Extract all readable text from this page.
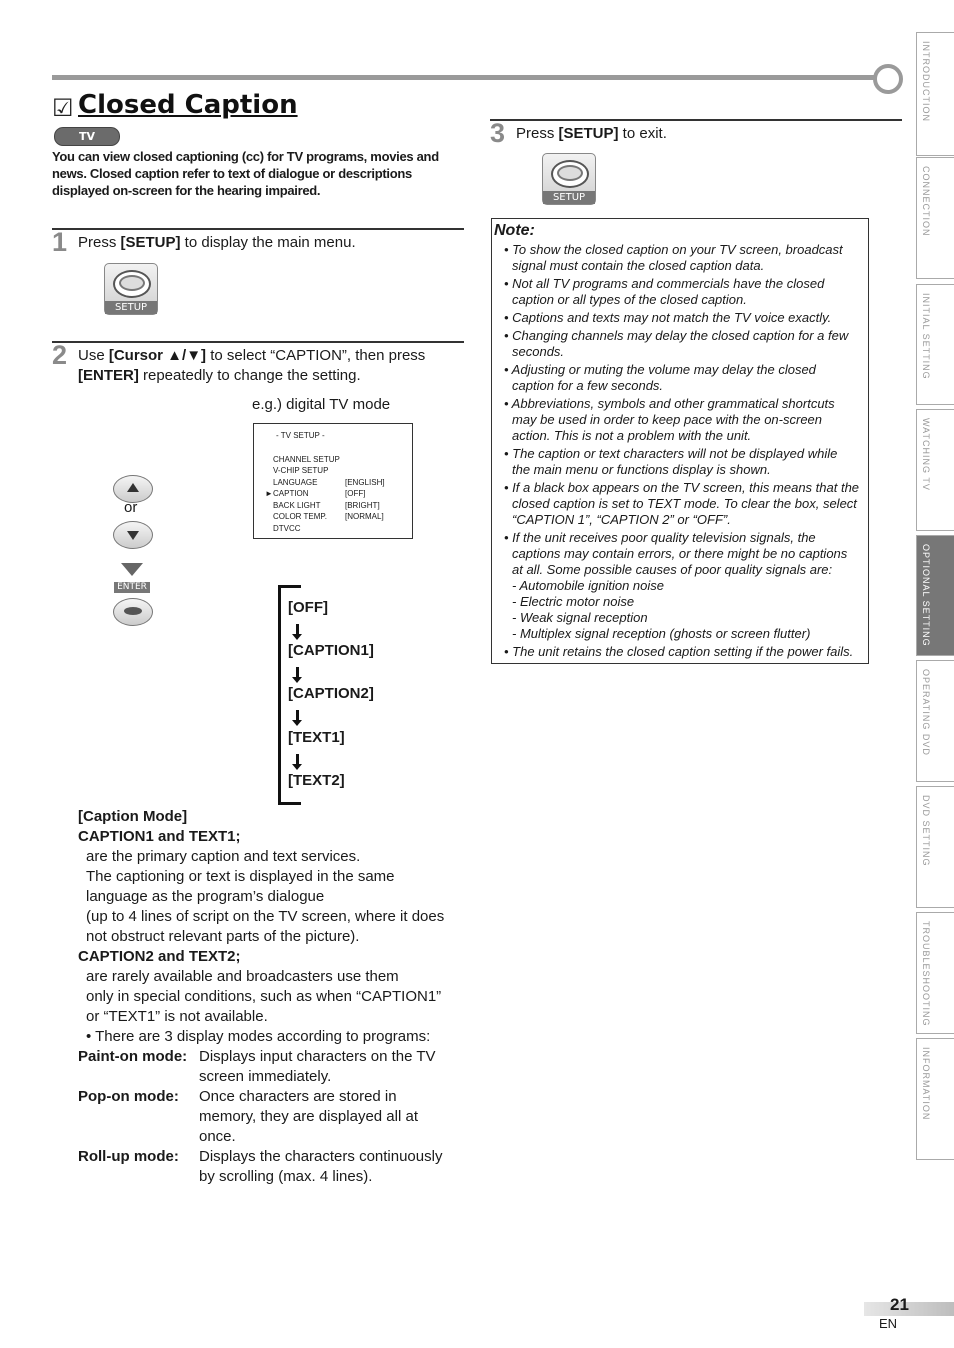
☑ Closed Caption
TV
You can view closed captioning (cc) for TV programs, movies and news. Closed caption refer to text of dialogue or descriptions displayed on-screen for the hearing impaired.
1 Press [SETUP] to display the main menu.
SETUP
2 Use [Cursor ▲/▼] to select “CAPTION”, then press
[ENTER] repeatedly to change the setting.
e.g.) digital TV mode
- TV SETUP -
CHANNEL SETUP
V-CHIP SETUP
LANGUAGE	[ENGLISH]
► CAPTION	[OFF]
BACK LIGHT	[BRIGHT]
COLOR TEMP. [NORMAL]
DTVCC
or
ENTER
[OFF]
[CAPTION1]
[CAPTION2]
[TEXT1]
[TEXT2]
[Caption Mode]
CAPTION1 and TEXT1;
are the primary caption and text services.
The captioning or text is displayed in the same
language as the program’s dialogue
(up to 4 lines of script on the TV screen, where it does
not obstruct relevant parts of the picture).
CAPTION2 and TEXT2;
are rarely available and broadcasters use them
only in special conditions, such as when “CAPTION1”
or “TEXT1” is not available.
• There are 3 display modes according to programs:
Paint-on mode: Displays input characters on the TV
screen immediately.
Pop-on mode: Once characters are stored in
memory, they are displayed all at
once.
Roll-up mode: Displays the characters continuously
by scrolling (max. 4 lines).
3 Press [SETUP] to exit.
SETUP
Note:
• To show the closed caption on your TV screen, broadcast
signal must contain the closed caption data.
• Not all TV programs and commercials have the closed
caption or all types of the closed caption.
• Captions and texts may not match the TV voice exactly.
• Changing channels may delay the closed caption for a few
seconds.
• Adjusting or muting the volume may delay the closed
caption for a few seconds.
• Abbreviations, symbols and other grammatical shortcuts
may be used in order to keep pace with the on-screen
action. This is not a problem with the unit.
• The caption or text characters will not be displayed while
the main menu or functions display is shown.
• If a black box appears on the TV screen, this means that the
closed caption is set to TEXT mode. To clear the box, select
“CAPTION 1”, “CAPTION 2” or “OFF”.
• If the unit receives poor quality television signals, the
captions may contain errors, or there might be no captions
at all. Some possible causes of poor quality signals are:
- Automobile ignition noise
- Electric motor noise
- Weak signal reception
- Multiplex signal reception (ghosts or screen flutter)
• The unit retains the closed caption setting if the power fails.
INTRODUCTION
CONNECTION
INITIAL SETTING
WATCHING TV
OPTIONAL SETTING
OPERATING DVD
DVD SETTING
TROUBLESHOOTING
INFORMATION
21
EN
